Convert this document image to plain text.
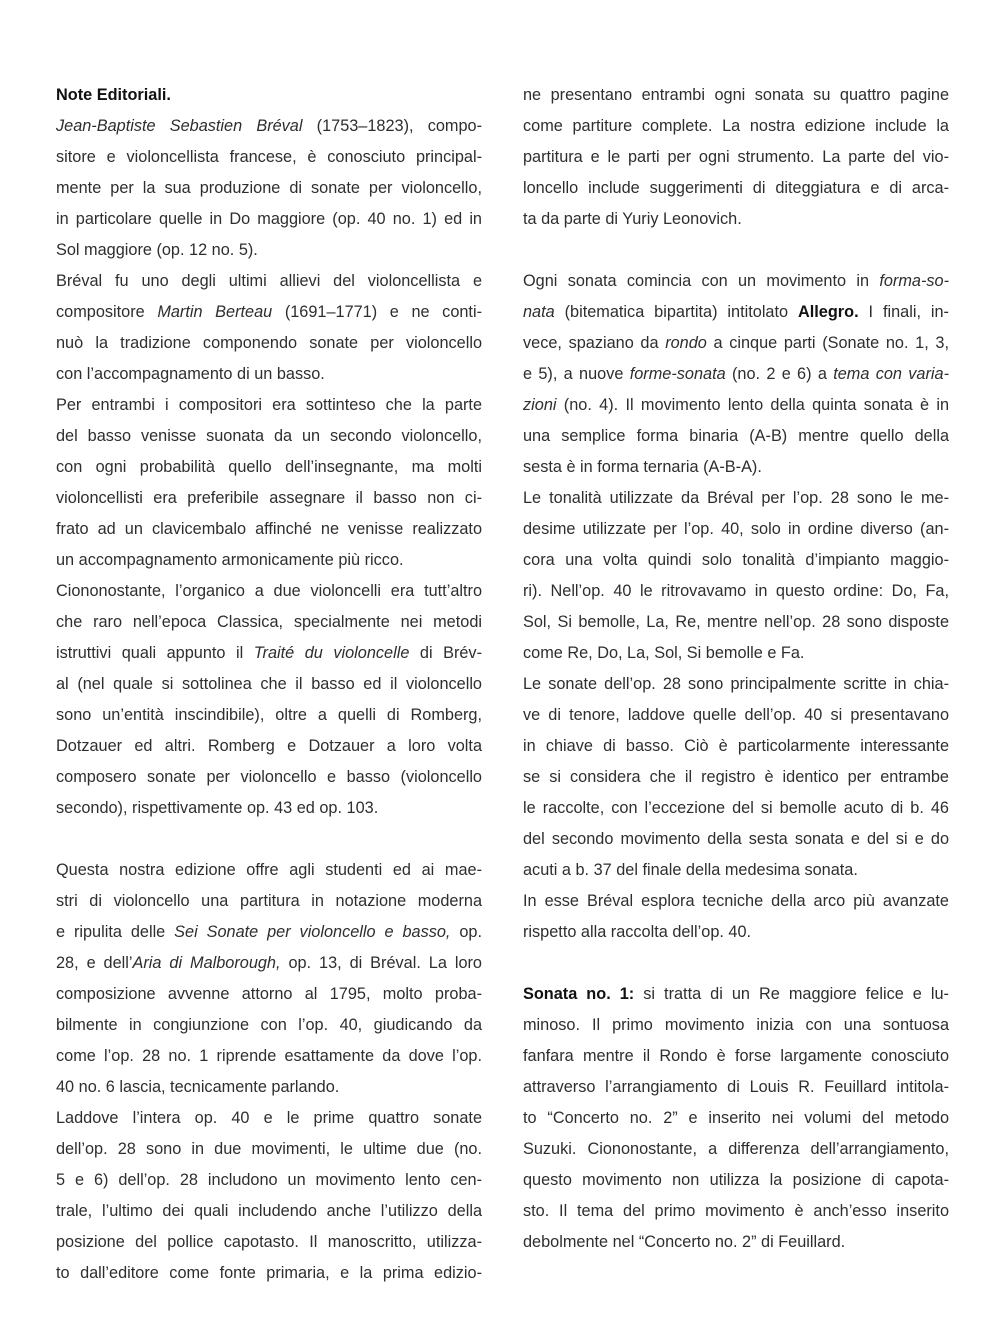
Note Editoriali.

Jean-Baptiste Sebastien Bréval (1753–1823), compo-
sitore e violoncellista francese, è conosciuto principal-
mente per la sua produzione di sonate per violoncello,
in particolare quelle in Do maggiore (op. 40 no. 1) ed in
Sol maggiore (op. 12 no. 5).

Bréval fu uno degli ultimi allievi del violoncellista e
compositore Martin Berteau (1691–1771) e ne conti-
nuò la tradizione componendo sonate per violoncello
con l’accompagnamento di un basso.

Per entrambi i compositori era sottinteso che la parte
del basso venisse suonata da un secondo violoncello,
con ogni probabilità quello dell’insegnante, ma molti
violoncellisti era preferibile assegnare il basso non ci-
frato ad un clavicembalo affinché ne venisse realizzato
un accompagnamento armonicamente più ricco.

Ciononostante, l’organico a due violoncelli era tutt’altro
che raro nell’epoca Classica, specialmente nei metodi
istruttivi quali appunto il Traité du violoncelle di Brév-
al (nel quale si sottolinea che il basso ed il violoncello
sono un’entità inscindibile), oltre a quelli di Romberg,
Dotzauer ed altri. Romberg e Dotzauer a loro volta
composero sonate per violoncello e basso (violoncello
secondo), rispettivamente op. 43 ed op. 103.

Questa nostra edizione offre agli studenti ed ai mae-
stri di violoncello una partitura in notazione moderna
e ripulita delle Sei Sonate per violoncello e basso, op.
28, e dell’Aria di Malborough, op. 13, di Bréval. La loro
composizione avvenne attorno al 1795, molto proba-
bilmente in congiunzione con l’op. 40, giudicando da
come l’op. 28 no. 1 riprende esattamente da dove l’op.
40 no. 6 lascia, tecnicamente parlando.

Laddove l’intera op. 40 e le prime quattro sonate
dell’op. 28 sono in due movimenti, le ultime due (no.
5 e 6) dell’op. 28 includono un movimento lento cen-
trale, l’ultimo dei quali includendo anche l’utilizzo della
posizione del pollice capotasto. Il manoscritto, utilizza-
to dall’editore come fonte primaria, e la prima edizio-

ne presentano entrambi ogni sonata su quattro pagine
come partiture complete. La nostra edizione include la
partitura e le parti per ogni strumento. La parte del vio-
loncello include suggerimenti di diteggiatura e di arca-
ta da parte di Yuriy Leonovich.

Ogni sonata comincia con un movimento in forma-so-
nata (bitematica bipartita) intitolato Allegro. I finali, in-
vece, spaziano da rondo a cinque parti (Sonate no. 1, 3,
e 5), a nuove forme-sonata (no. 2 e 6) a tema con varia-
zioni (no. 4). Il movimento lento della quinta sonata è in
una semplice forma binaria (A-B) mentre quello della
sesta è in forma ternaria (A-B-A).

Le tonalità utilizzate da Bréval per l’op. 28 sono le me-
desime utilizzate per l’op. 40, solo in ordine diverso (an-
cora una volta quindi solo tonalità d’impianto maggio-
ri). Nell’op. 40 le ritrovavamo in questo ordine: Do, Fa,
Sol, Si bemolle, La, Re, mentre nell’op. 28 sono disposte
come Re, Do, La, Sol, Si bemolle e Fa.

Le sonate dell’op. 28 sono principalmente scritte in chia-
ve di tenore, laddove quelle dell’op. 40 si presentavano
in chiave di basso. Ciò è particolarmente interessante
se si considera che il registro è identico per entrambe
le raccolte, con l’eccezione del si bemolle acuto di b. 46
del secondo movimento della sesta sonata e del si e do
acuti a b. 37 del finale della medesima sonata.

In esse Bréval esplora tecniche della arco più avanzate
rispetto alla raccolta dell’op. 40.

Sonata no. 1: si tratta di un Re maggiore felice e lu-
minoso. Il primo movimento inizia con una sontuosa
fanfara mentre il Rondo è forse largamente conosciuto
attraverso l’arrangiamento di Louis R. Feuillard intitola-
to “Concerto no. 2” e inserito nei volumi del metodo
Suzuki. Ciononostante, a differenza dell’arrangiamento,
questo movimento non utilizza la posizione di capota-
sto. Il tema del primo movimento è anch’esso inserito
debolmente nel “Concerto no. 2” di Feuillard.
